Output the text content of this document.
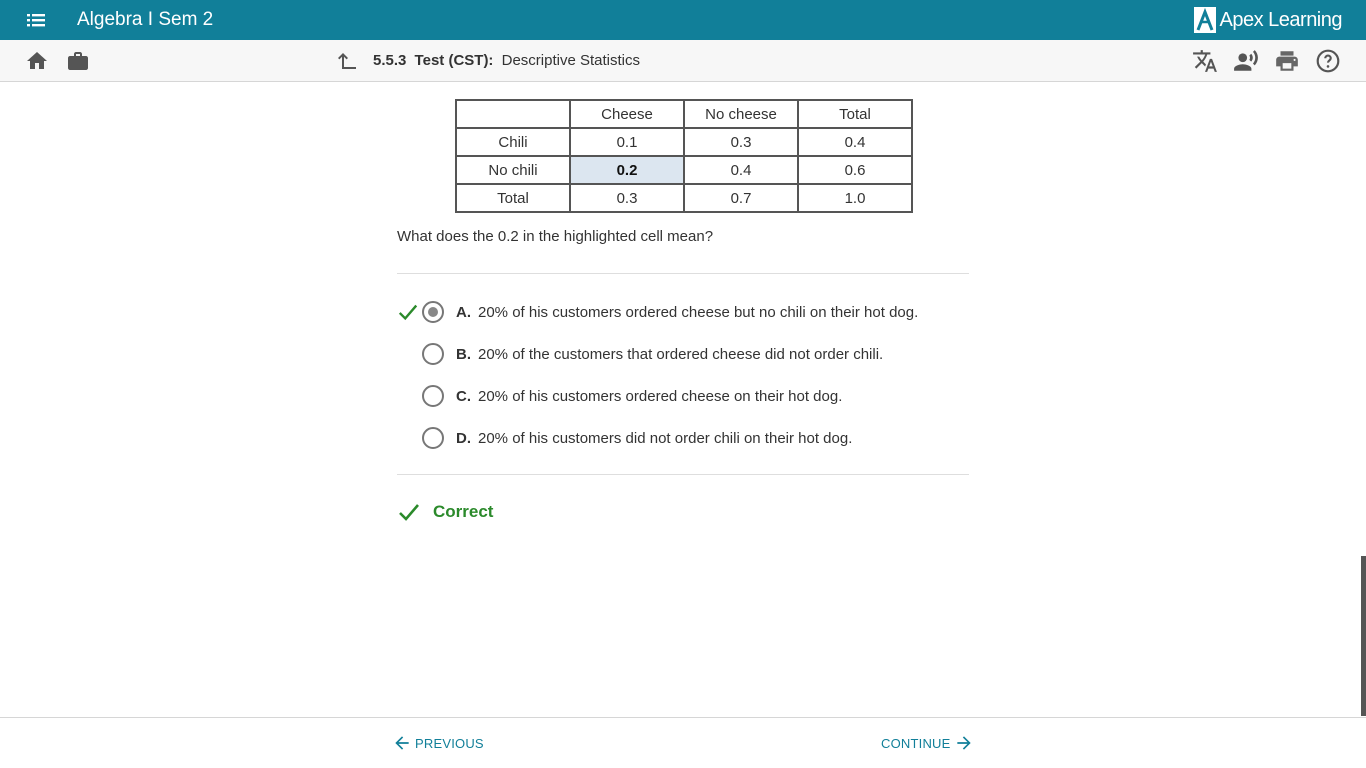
Algebra I Sem 2	Apex Learning
5.5.3 Test (CST): Descriptive Statistics
	Cheese	No cheese	Total
Chili	0.1	0.3	0.4
No chili	0.2	0.4	0.6
Total	0.3	0.7	1.0
What does the 0.2 in the highlighted cell mean?
A. 20% of his customers ordered cheese but no chili on their hot dog.
B. 20% of the customers that ordered cheese did not order chili.
C. 20% of his customers ordered cheese on their hot dog.
D. 20% of his customers did not order chili on their hot dog.
Correct
PREVIOUS	CONTINUE
